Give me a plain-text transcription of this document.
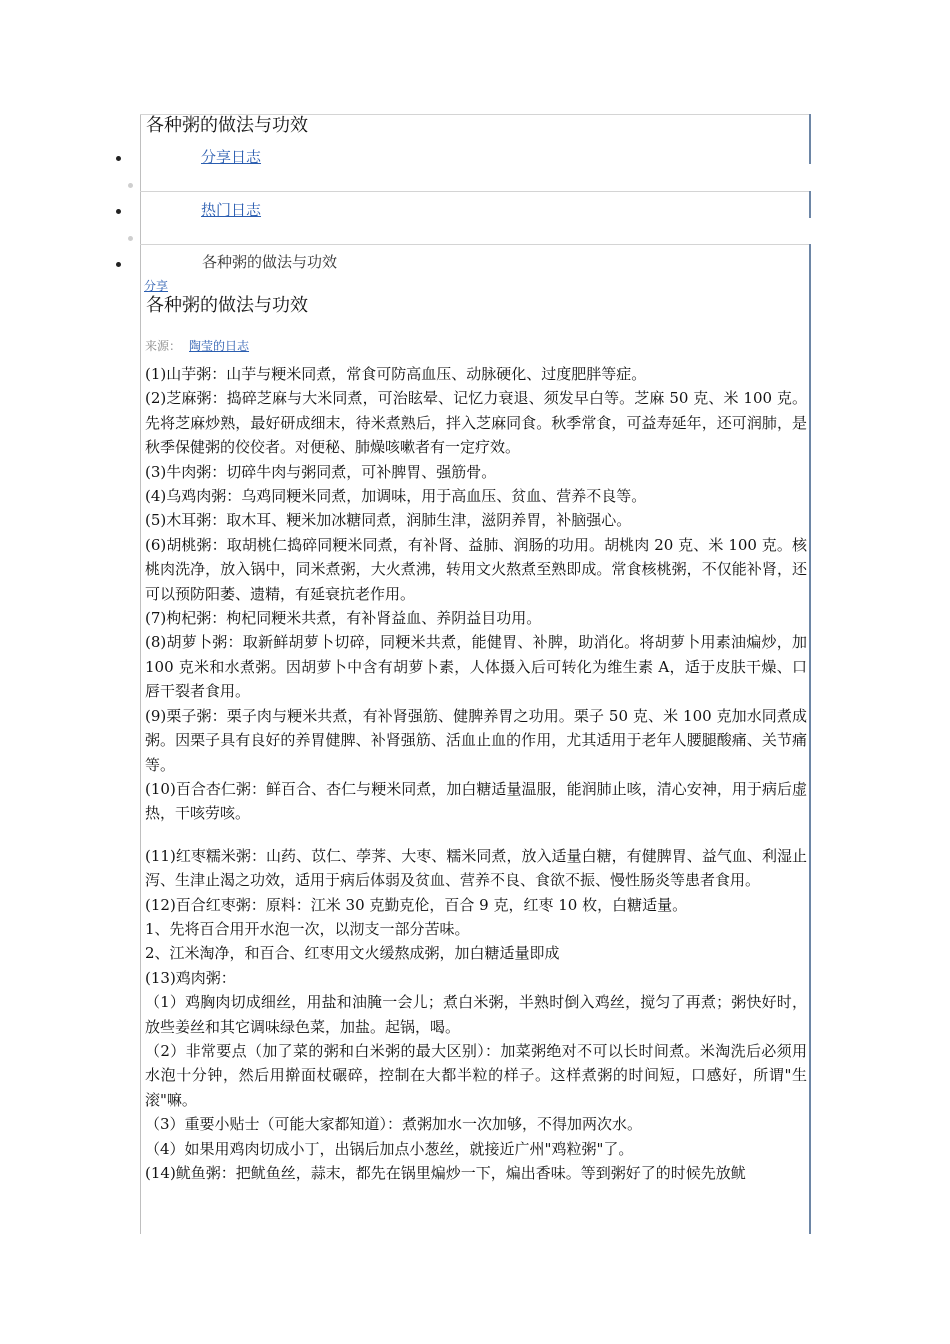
各种粥的做法与功效
分享日志
热门日志
各种粥的做法与功效
分享
各种粥的做法与功效
来源： 陶莹的日志

(1)山芋粥：山芋与粳米同煮，常食可防高血压、动脉硬化、过度肥胖等症。

(2)芝麻粥：捣碎芝麻与大米同煮，可治眩晕、记忆力衰退、须发早白等。芝麻 50 克、米 100 克。先将芝麻炒熟，最好研成细末，待米煮熟后，拌入芝麻同食。秋季常食，可益寿延年，还可润肺，是秋季保健粥的佼佼者。对便秘、肺燥咳嗽者有一定疗效。

(3)牛肉粥：切碎牛肉与粥同煮，可补脾胃、强筋骨。

(4)乌鸡肉粥：乌鸡同粳米同煮，加调味，用于高血压、贫血、营养不良等。

(5)木耳粥：取木耳、粳米加冰糖同煮，润肺生津，滋阴养胃，补脑强心。

(6)胡桃粥：取胡桃仁捣碎同粳米同煮，有补肾、益肺、润肠的功用。胡桃肉 20 克、米 100 克。核桃肉洗净，放入锅中，同米煮粥，大火煮沸，转用文火熬煮至熟即成。常食核桃粥，不仅能补肾，还可以预防阳萎、遗精，有延衰抗老作用。

(7)枸杞粥：枸杞同粳米共煮，有补肾益血、养阴益目功用。

(8)胡萝卜粥：取新鲜胡萝卜切碎，同粳米共煮，能健胃、补脾，助消化。将胡萝卜用素油煸炒，加 100 克米和水煮粥。因胡萝卜中含有胡萝卜素，人体摄入后可转化为维生素 A，适于皮肤干燥、口唇干裂者食用。

(9)栗子粥：栗子肉与粳米共煮，有补肾强筋、健脾养胃之功用。栗子 50 克、米 100 克加水同煮成粥。因栗子具有良好的养胃健脾、补肾强筋、活血止血的作用，尤其适用于老年人腰腿酸痛、关节痛等。

(10)百合杏仁粥：鲜百合、杏仁与粳米同煮，加白糖适量温服，能润肺止咳，清心安神，用于病后虚热，干咳劳咳。

(11)红枣糯米粥：山药、苡仁、荸荠、大枣、糯米同煮，放入适量白糖，有健脾胃、益气血、利湿止泻、生津止渴之功效，适用于病后体弱及贫血、营养不良、食欲不振、慢性肠炎等患者食用。

(12)百合红枣粥：原料：江米 30 克勤克伦，百合 9 克，红枣 10 枚，白糖适量。

1、先将百合用开水泡一次，以沏支一部分苦味。

2、江米淘净，和百合、红枣用文火缓熬成粥，加白糖适量即成

(13)鸡肉粥：

（1）鸡胸肉切成细丝，用盐和油腌一会儿；煮白米粥，半熟时倒入鸡丝，搅匀了再煮；粥快好时，放些姜丝和其它调味绿色菜，加盐。起锅，喝。

（2）非常要点（加了菜的粥和白米粥的最大区别）：加菜粥绝对不可以长时间煮。米淘洗后必须用水泡十分钟，然后用擀面杖碾碎，控制在大都半粒的样子。这样煮粥的时间短，口感好，所谓"生滚"嘛。

（3）重要小贴士（可能大家都知道）：煮粥加水一次加够，不得加两次水。

（4）如果用鸡肉切成小丁，出锅后加点小葱丝，就接近广州"鸡粒粥"了。

(14)鱿鱼粥：把鱿鱼丝，蒜末，都先在锅里煸炒一下，煸出香味。等到粥好了的时候先放鱿
